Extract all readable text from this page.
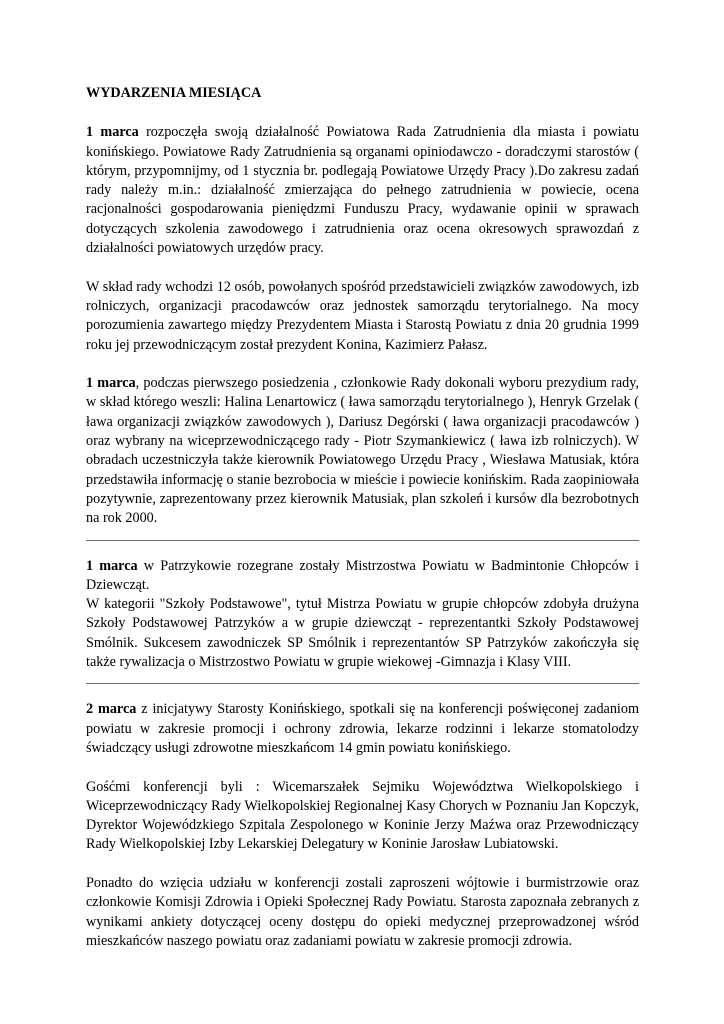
WYDARZENIA MIESIĄCA

1 marca rozpoczęła swoją działalność Powiatowa Rada Zatrudnienia dla miasta i powiatu konińskiego. Powiatowe Rady Zatrudnienia są organami opiniodawczo - doradczymi starostów ( którym, przypomnijmy, od 1 stycznia br. podlegają Powiatowe Urzędy Pracy ).Do zakresu zadań rady należy m.in.: działalność zmierzająca do pełnego zatrudnienia w powiecie, ocena racjonalności gospodarowania pieniędzmi Funduszu Pracy, wydawanie opinii w sprawach dotyczących szkolenia zawodowego i zatrudnienia oraz ocena okresowych sprawozdań z działalności powiatowych urzędów pracy.

W skład rady wchodzi 12 osób, powołanych spośród przedstawicieli związków zawodowych, izb rolniczych, organizacji pracodawców oraz jednostek samorządu terytorialnego. Na mocy porozumienia zawartego między Prezydentem Miasta i Starostą Powiatu z dnia 20 grudnia 1999 roku jej przewodniczącym został prezydent Konina, Kazimierz Pałasz.

1 marca, podczas pierwszego posiedzenia , członkowie Rady dokonali wyboru prezydium rady, w skład którego weszli: Halina Lenartowicz ( ława samorządu terytorialnego ), Henryk Grzelak ( ława organizacji związków zawodowych ), Dariusz Degórski ( ława organizacji pracodawców ) oraz wybrany na wiceprzewodniczącego rady - Piotr Szymankiewicz ( ława izb rolniczych). W obradach uczestniczyła także kierownik Powiatowego Urzędu Pracy , Wiesława Matusiak, która przedstawiła informację o stanie bezrobocia w mieście i powiecie konińskim. Rada zaopiniowała pozytywnie, zaprezentowany przez kierownik Matusiak, plan szkoleń i kursów dla bezrobotnych na rok 2000.

1 marca w Patrzykowie rozegrane zostały Mistrzostwa Powiatu w Badmintonie Chłopców i Dziewcząt.

W kategorii "Szkoły Podstawowe", tytuł Mistrza Powiatu w grupie chłopców zdobyła drużyna Szkoły Podstawowej Patrzyków a w grupie dziewcząt - reprezentantki Szkoły Podstawowej Smólnik. Sukcesem zawodniczek SP Smólnik i reprezentantów SP Patrzyków zakończyła się także rywalizacja o Mistrzostwo Powiatu w grupie wiekowej -Gimnazja i Klasy VIII.

2 marca z inicjatywy Starosty Konińskiego, spotkali się na konferencji poświęconej zadaniom powiatu w zakresie promocji i ochrony zdrowia, lekarze rodzinni i lekarze stomatolodzy świadczący usługi zdrowotne mieszkańcom 14 gmin powiatu konińskiego.

Gośćmi konferencji byli : Wicemarszałek Sejmiku Województwa Wielkopolskiego i Wiceprzewodniczący Rady Wielkopolskiej Regionalnej Kasy Chorych w Poznaniu Jan Kopczyk, Dyrektor Wojewódzkiego Szpitala Zespolonego w Koninie Jerzy Maźwa oraz Przewodniczący Rady Wielkopolskiej Izby Lekarskiej Delegatury w Koninie Jarosław Lubiatowski.

Ponadto do wzięcia udziału w konferencji zostali zaproszeni wójtowie i burmistrzowie oraz członkowie Komisji Zdrowia i Opieki Społecznej Rady Powiatu. Starosta zapoznała zebranych z wynikami ankiety dotyczącej oceny dostępu do opieki medycznej przeprowadzonej wśród mieszkańców naszego powiatu oraz zadaniami powiatu w zakresie promocji zdrowia.
